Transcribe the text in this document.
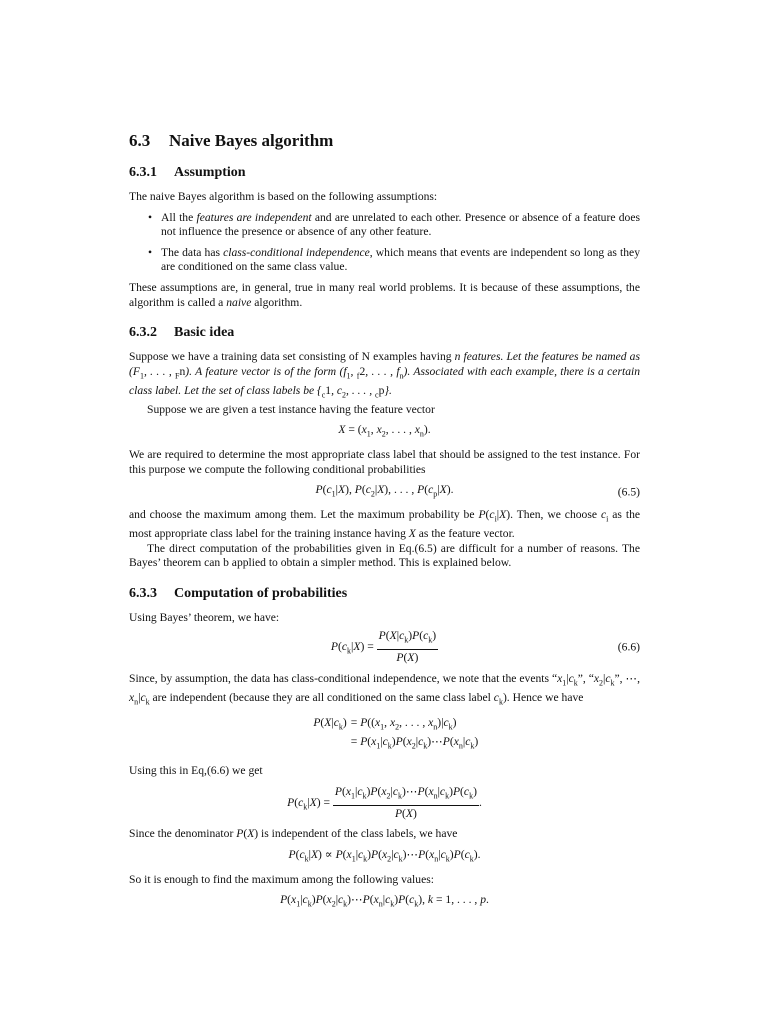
6.3 Naive Bayes algorithm
6.3.1 Assumption

The naive Bayes algorithm is based on the following assumptions:

• All the features are independent and are unrelated to each other. Presence or absence of a feature does not influence the presence or absence of any other feature.
• The data has class-conditional independence, which means that events are independent so long as they are conditioned on the same class value.

These assumptions are, in general, true in many real world problems. It is because of these assumptions, the algorithm is called a naive algorithm.

6.3.2 Basic idea

Suppose we have a training data set consisting of N examples having n features. Let the features be named as ($F_1$, . . . , $_F$n). A feature vector is of the form ($f_1$, $_f$2, . . . , $f_n$). Associated with each example, there is a certain class label. Let the set of class labels be {$_c1$, $c_2$, . . . , $_c$p}.

Suppose we are given a test instance having the feature vector

$X = (x_1$, $x_2$, . . . , $x_n$).

We are required to determine the most appropriate class label that should be assigned to the test instance. For this purpose we compute the following conditional probabilities

$P(c_1|X)$, $P(c_2|X)$, . . . , $P(c_p|X)$.	(6.5)

and choose the maximum among them. Let the maximum probability be $P(c_i|X)$. Then, we choose $c_i$ as the most appropriate class label for the training instance having X as the feature vector.

The direct computation of the probabilities given in Eq.(6.5) are difficult for a number of reasons. The Bayes’ theorem can b applied to obtain a simpler method. This is explained below.

6.3.3 Computation of probabilities

Using Bayes’ theorem, we have:

$P(c_k|X) = \frac{P(X|c_k)P(c_k)}{P(X)}$	(6.6)

Since, by assumption, the data has class-conditional independence, we note that the events “$x_1|c_k$”, “$x_2|c_k$”, ⋯, $x_n|c_k$ are independent (because they are all conditioned on the same class label $c_k$). Hence we have

$P(X|c_k) = P((x_1$, $x_2$, . . . , $x_n)|c_k$)
= $P(x_1|c_k)P(x_2|c_k)\cdots P(x_n|c_k)$

Using this in Eq,(6.6) we get

$P(c_k|X) = \frac{P(x_1|c_k)P(x_2|c_k)\cdots P(x_n|c_k)P(c_k)}{P(X)}$ .

Since the denominator P(X) is independent of the class labels, we have

$P(c_k|X)$ ∝ $P(x_1|c_k)P(x_2|c_k)\cdots P(x_n|c_k)P(c_k)$.

So it is enough to find the maximum among the following values:

$P(x_1|c_k)P(x_2|c_k)\cdots P(x_n|c_k)P(c_k)$, k = 1, . . . , p.
